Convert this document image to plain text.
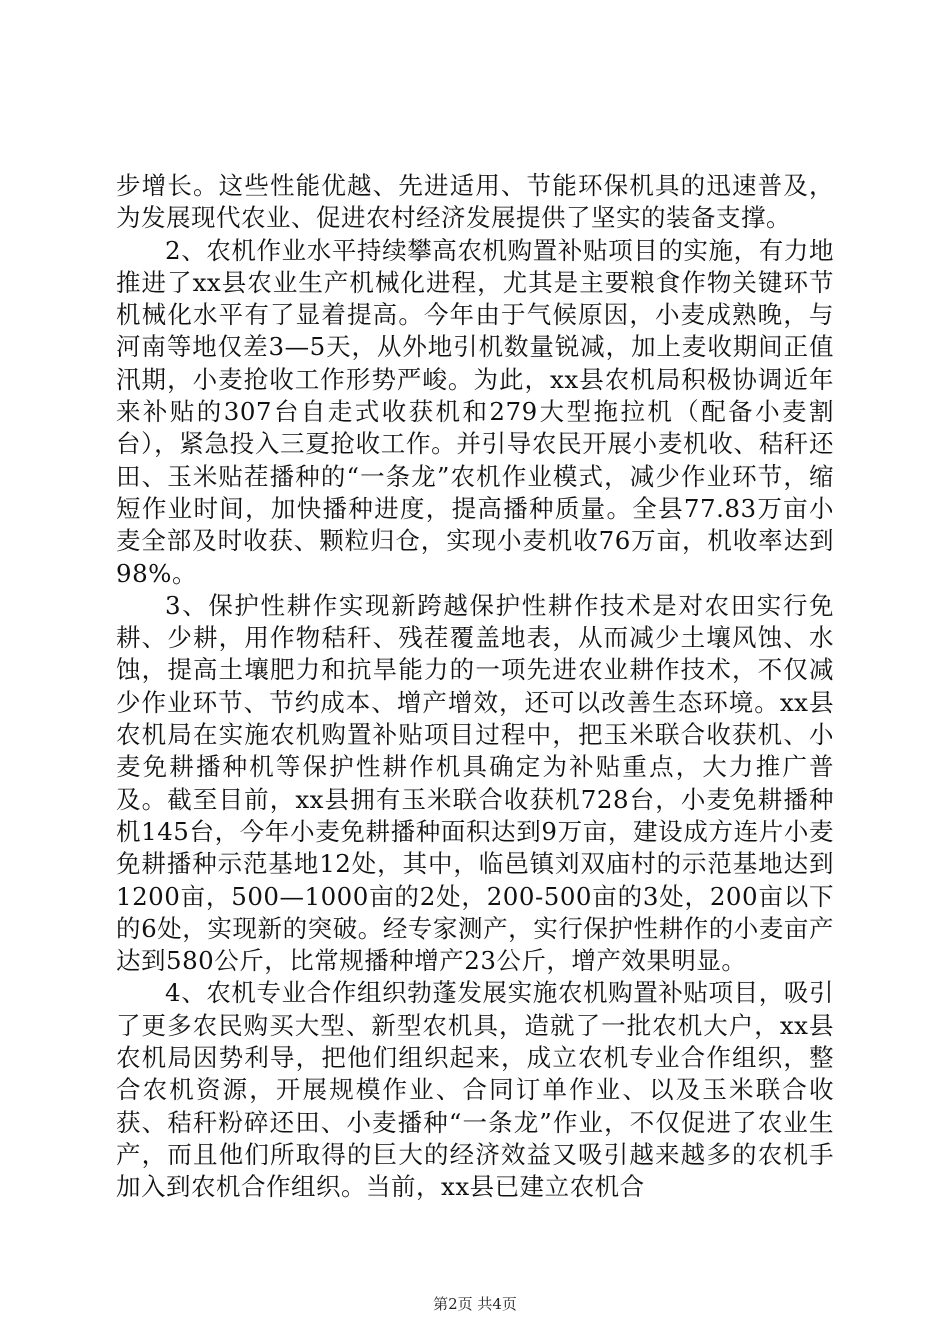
步增长。这些性能优越、先进适用、节能环保机具的迅速普及，为发展现代农业、促进农村经济发展提供了坚实的装备支撑。

2、农机作业水平持续攀高农机购置补贴项目的实施，有力地推进了xx县农业生产机械化进程，尤其是主要粮食作物关键环节机械化水平有了显着提高。今年由于气候原因，小麦成熟晚，与河南等地仅差3—5天，从外地引机数量锐减，加上麦收期间正值汛期，小麦抢收工作形势严峻。为此，xx县农机局积极协调近年来补贴的307台自走式收获机和279大型拖拉机（配备小麦割台），紧急投入三夏抢收工作。并引导农民开展小麦机收、秸秆还田、玉米贴茬播种的“一条龙”农机作业模式，减少作业环节，缩短作业时间，加快播种进度，提高播种质量。全县77.83万亩小麦全部及时收获、颗粒归仓，实现小麦机收76万亩，机收率达到98%。

3、保护性耕作实现新跨越保护性耕作技术是对农田实行免耕、少耕，用作物秸秆、残茬覆盖地表，从而减少土壤风蚀、水蚀，提高土壤肥力和抗旱能力的一项先进农业耕作技术，不仅减少作业环节、节约成本、增产增效，还可以改善生态环境。xx县农机局在实施农机购置补贴项目过程中，把玉米联合收获机、小麦免耕播种机等保护性耕作机具确定为补贴重点，大力推广普及。截至目前，xx县拥有玉米联合收获机728台，小麦免耕播种机145台，今年小麦免耕播种面积达到9万亩，建设成方连片小麦免耕播种示范基地12处，其中，临邑镇刘双庙村的示范基地达到1200亩，500—1000亩的2处，200-500亩的3处，200亩以下的6处，实现新的突破。经专家测产，实行保护性耕作的小麦亩产达到580公斤，比常规播种增产23公斤，增产效果明显。

4、农机专业合作组织勃蓬发展实施农机购置补贴项目，吸引了更多农民购买大型、新型农机具，造就了一批农机大户，xx县农机局因势利导，把他们组织起来，成立农机专业合作组织，整合农机资源，开展规模作业、合同订单作业、以及玉米联合收获、秸秆粉碎还田、小麦播种“一条龙”作业，不仅促进了农业生产，而且他们所取得的巨大的经济效益又吸引越来越多的农机手加入到农机合作组织。当前，xx县已建立农机合

第2页 共4页
